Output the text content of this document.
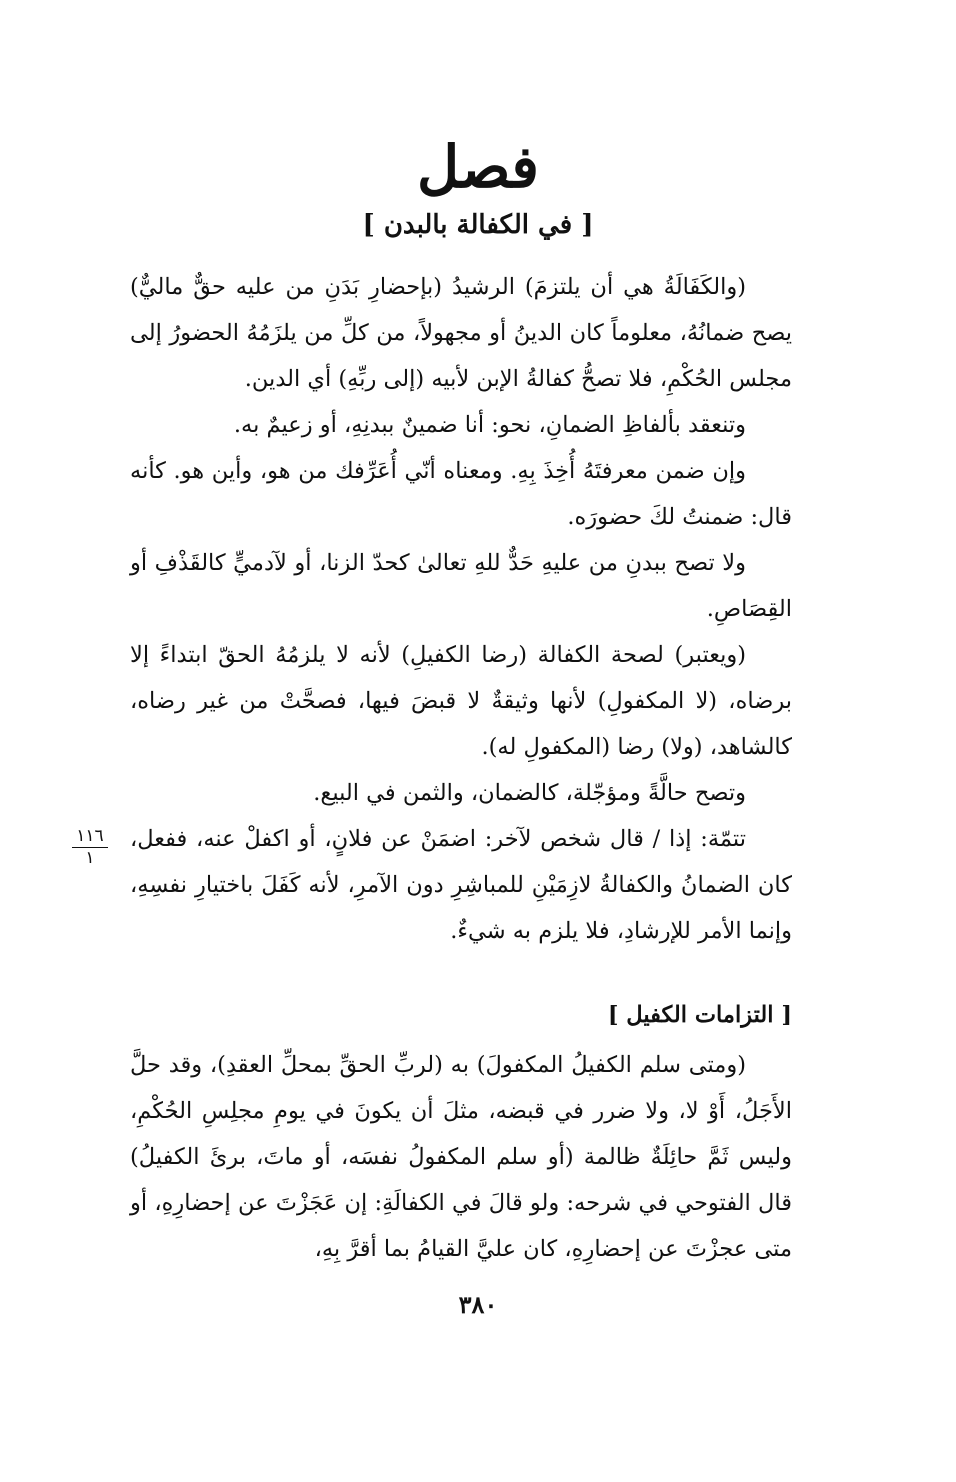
فصل
[ في الكفالة بالبدن ]

(والكَفَالَةُ هي أن يلتزمَ) الرشيدُ (بإحضارِ بَدَنِ من عليه حقٌّ ماليٌّ) يصح ضمانُهُ، معلوماً كان الدينُ أو مجهولاً، من كلِّ من يلزَمُهُ الحضورُ إلى مجلس الحُكْمِ، فلا تصحُّ كفالةُ الإبن لأبيه (إلى ربِّهِ) أي الدين.

وتنعقد بألفاظِ الضمانِ، نحو: أنا ضمينٌ ببدنِهِ، أو زعيمٌ به.

وإن ضمن معرفتَهُ أُخِذَ بِهِ. ومعناه أنّي أُعَرِّفك من هو، وأين هو. كأنه قال: ضمنتُ لكَ حضورَه.

ولا تصح ببدنِ من عليهِ حَدٌّ للهِ تعالىٰ كحدّ الزنا، أو لآدميٍّ كالقَذْفِ أو القِصَاصِ.

(ويعتبر) لصحة الكفالة (رضا الكفيلِ) لأنه لا يلزمُهُ الحقّ ابتداءً إلا برضاه، (لا المكفولِ) لأنها وثيقةٌ لا قبضَ فيها، فصحَّتْ من غير رضاه، كالشاهد، (ولا) رضا (المكفولِ له).

وتصح حالَّةً ومؤجّلة، كالضمان، والثمن في البيع.

تتمّة: إذا / قال شخص لآخر: اضمَنْ عن فلانٍ، أو اكفلْ عنه، ففعل، كان الضمانُ والكفالةُ لازِمَيْنِ للمباشِرِ دون الآمرِ، لأنه كَفَلَ باختيارِ نفسِهِ، وإنما الأمر للإرشادِ، فلا يلزم به شيءٌ.

١١٦
١
[ التزامات الكفيل ]

(ومتى سلم الكفيلُ المكفولَ) به (لربِّ الحقِّ بمحلِّ العقدِ)، وقد حلَّ الأَجَلُ، أَوْ لا، ولا ضرر في قبضه، مثلَ أن يكونَ في يومِ مجلِسِ الحُكْمِ، وليس ثَمَّ حائِلَةٌ ظالمة (أو سلم المكفولُ نفسَه، أو ماتَ، برئَ الكفيلُ) قال الفتوحي في شرحه: ولو قالَ في الكفالَةِ: إن عَجَزْتَ عن إحضارِهِ، أو متى عجزْتَ عن إحضارِهِ، كان عليَّ القيامُ بما أقرَّ بِهِ،

٣٨٠
